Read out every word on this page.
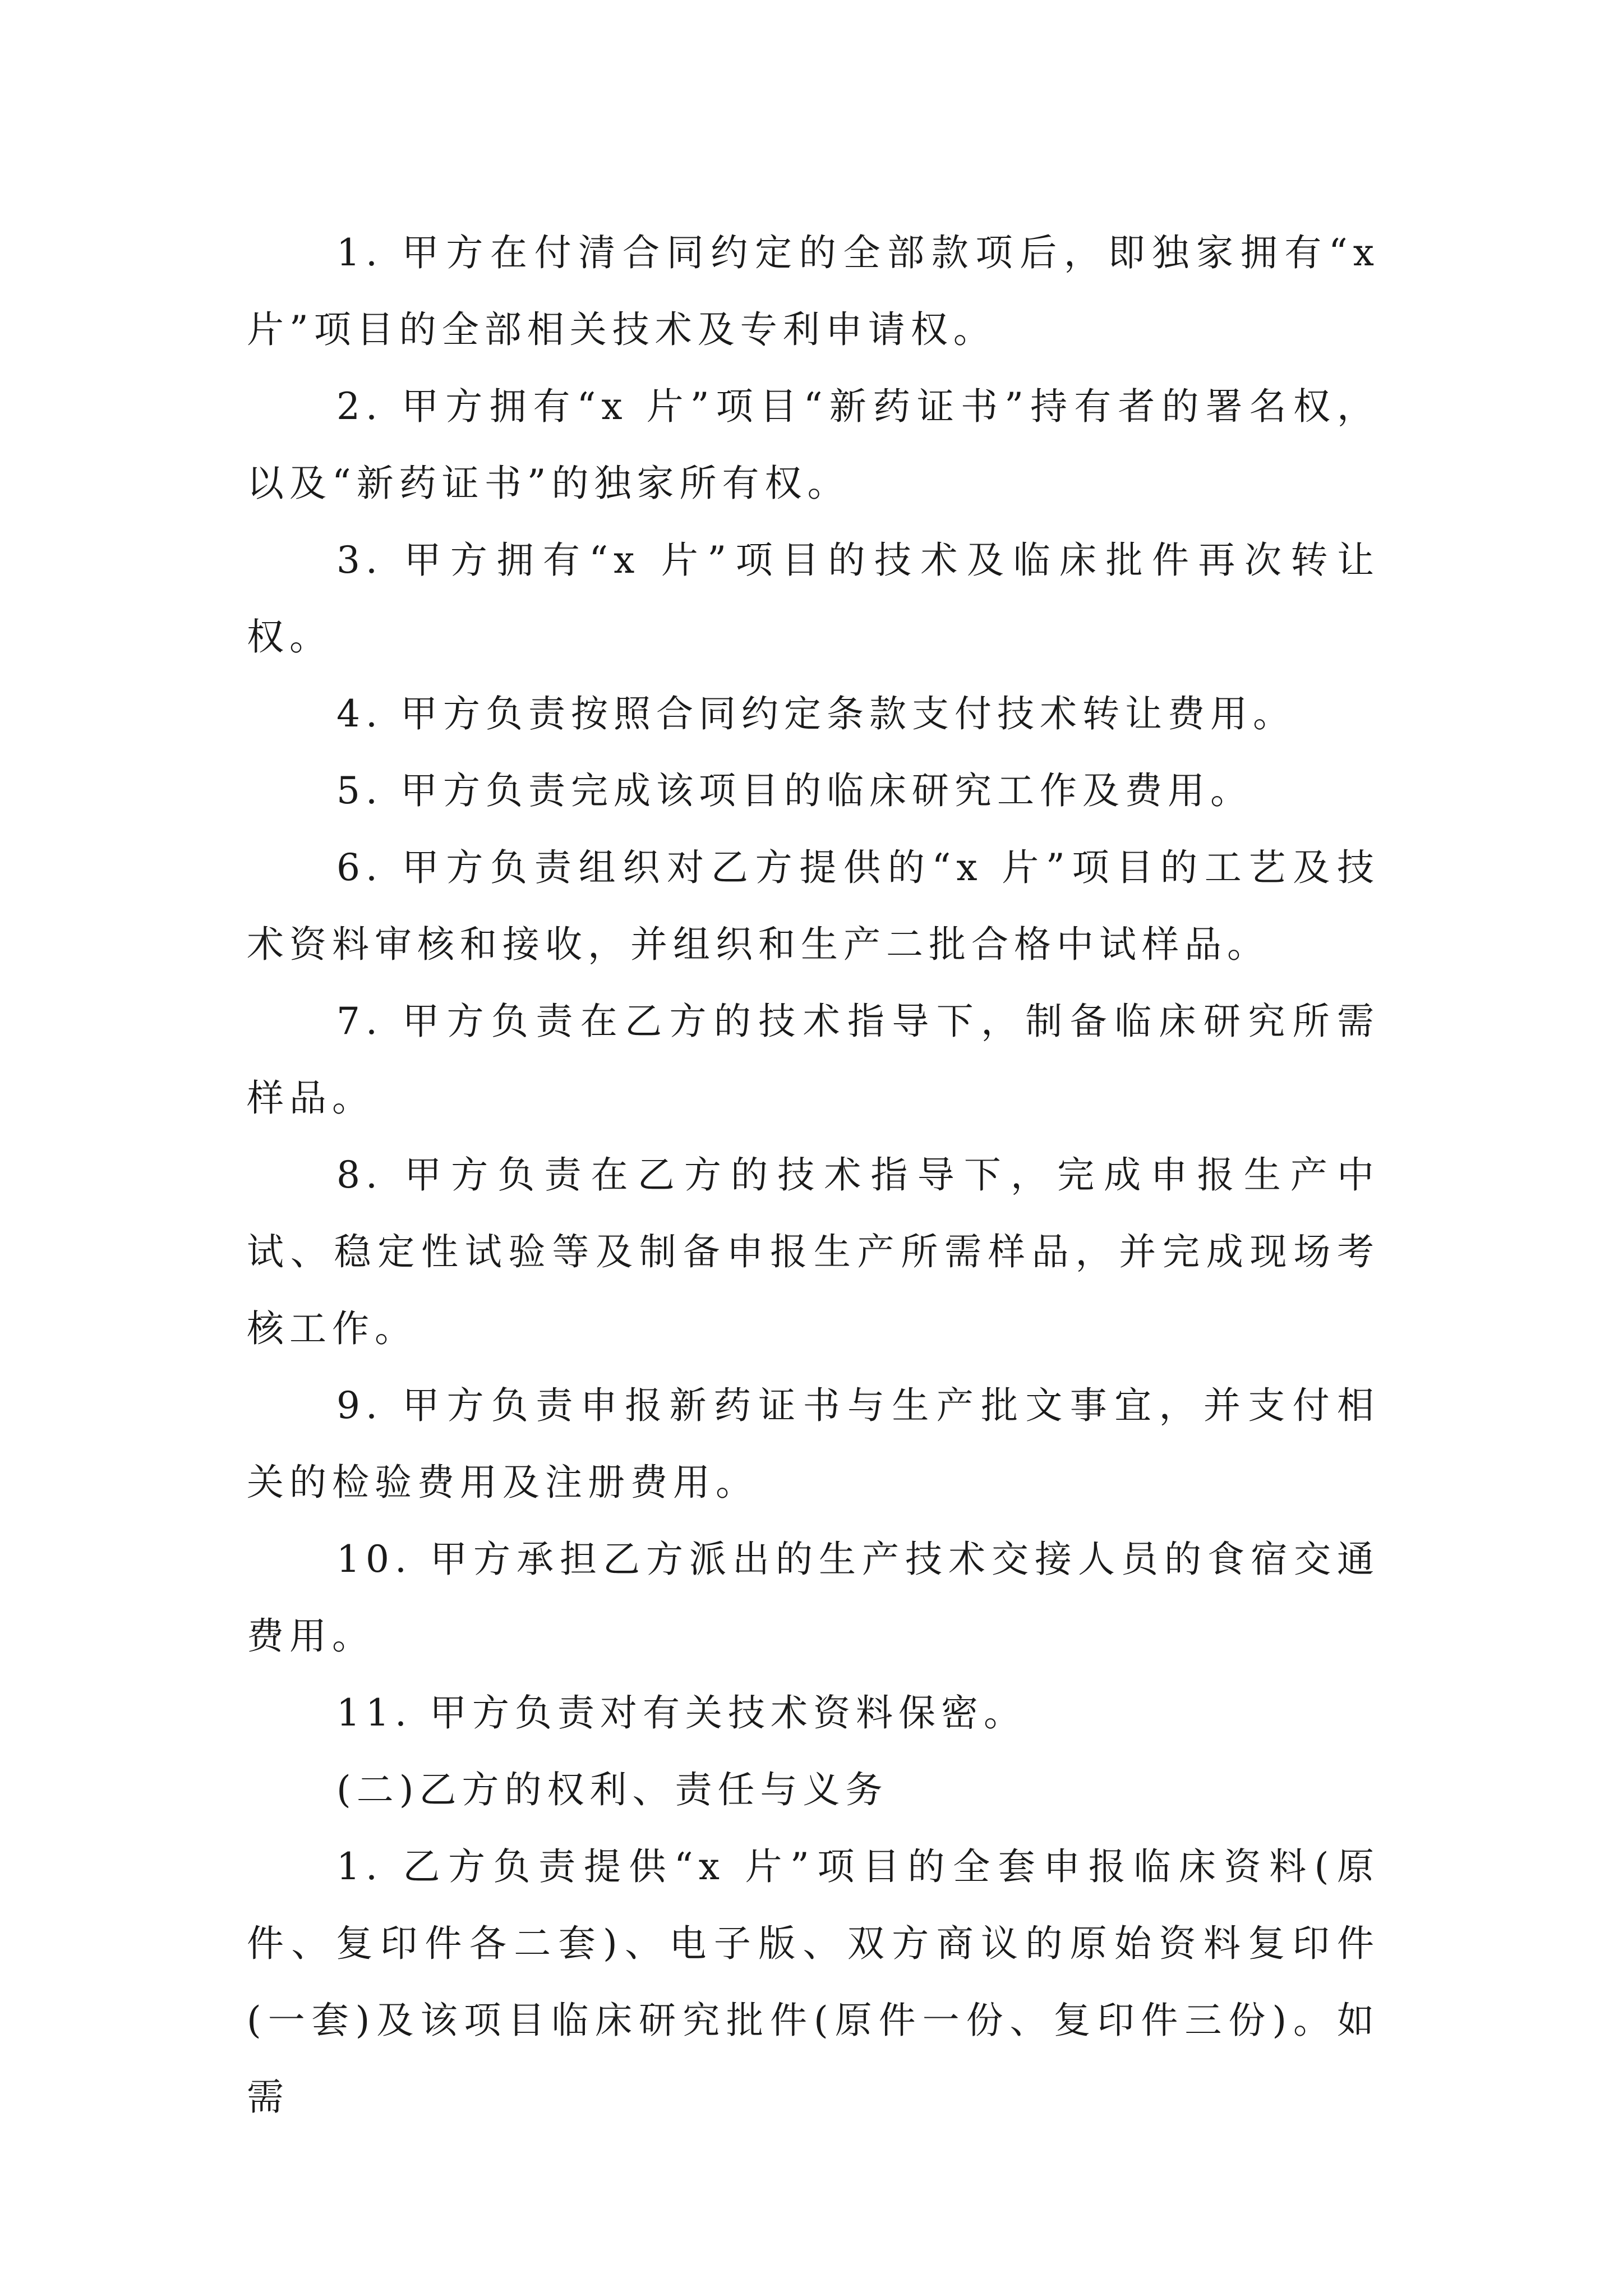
1. 甲方在付清合同约定的全部款项后，即独家拥有“x 片”项目的全部相关技术及专利申请权。

2. 甲方拥有“x 片”项目“新药证书”持有者的署名权，以及“新药证书”的独家所有权。

3. 甲方拥有“x 片”项目的技术及临床批件再次转让权。

4. 甲方负责按照合同约定条款支付技术转让费用。

5. 甲方负责完成该项目的临床研究工作及费用。

6. 甲方负责组织对乙方提供的“x 片”项目的工艺及技术资料审核和接收，并组织和生产二批合格中试样品。

7. 甲方负责在乙方的技术指导下，制备临床研究所需样品。

8. 甲方负责在乙方的技术指导下，完成申报生产中试、稳定性试验等及制备申报生产所需样品，并完成现场考核工作。

9. 甲方负责申报新药证书与生产批文事宜，并支付相关的检验费用及注册费用。

10. 甲方承担乙方派出的生产技术交接人员的食宿交通费用。

11. 甲方负责对有关技术资料保密。

(二)乙方的权利、责任与义务

1. 乙方负责提供“x 片”项目的全套申报临床资料(原件、复印件各二套)、电子版、双方商议的原始资料复印件(一套)及该项目临床研究批件(原件一份、复印件三份)。如需
